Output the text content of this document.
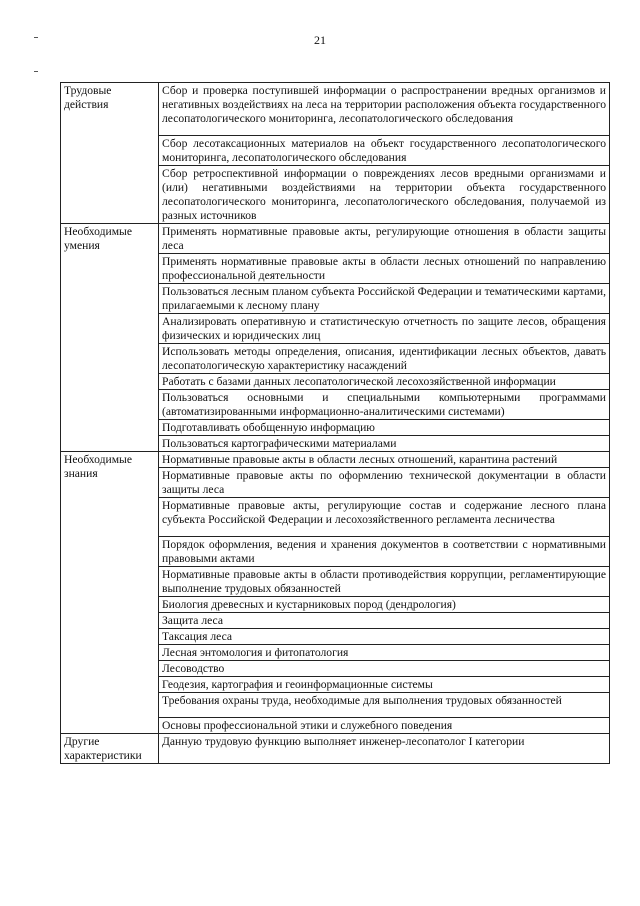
21
Трудовые действия	Сбор и проверка поступившей информации о распространении вредных организмов и негативных воздействиях на леса на территории расположения объекта государственного лесопатологического мониторинга, лесопатологического обследования
	Сбор лесотаксационных материалов на объект государственного лесопатологического мониторинга, лесопатологического обследования
	Сбор ретроспективной информации о повреждениях лесов вредными организмами и (или) негативными воздействиями на территории объекта государственного лесопатологического мониторинга, лесопатологического обследования, получаемой из разных источников
Необходимые умения	Применять нормативные правовые акты, регулирующие отношения в области защиты леса
	Применять нормативные правовые акты в области лесных отношений по направлению профессиональной деятельности
	Пользоваться лесным планом субъекта Российской Федерации и тематическими картами, прилагаемыми к лесному плану
	Анализировать оперативную и статистическую отчетность по защите лесов, обращения физических и юридических лиц
	Использовать методы определения, описания, идентификации лесных объектов, давать лесопатологическую характеристику насаждений
	Работать с базами данных лесопатологической лесохозяйственной информации
	Пользоваться основными и специальными компьютерными программами (автоматизированными информационно-аналитическими системами)
	Подготавливать обобщенную информацию
	Пользоваться картографическими материалами
Необходимые знания	Нормативные правовые акты в области лесных отношений, карантина растений
	Нормативные правовые акты по оформлению технической документации в области защиты леса
	Нормативные правовые акты, регулирующие состав и содержание лесного плана субъекта Российской Федерации и лесохозяйственного регламента лесничества
	Порядок оформления, ведения и хранения документов в соответствии с нормативными правовыми актами
	Нормативные правовые акты в области противодействия коррупции, регламентирующие выполнение трудовых обязанностей
	Биология древесных и кустарниковых пород (дендрология)
	Защита леса
	Таксация леса
	Лесная энтомология и фитопатология
	Лесоводство
	Геодезия, картография и геоинформационные системы
	Требования охраны труда, необходимые для выполнения трудовых обязанностей
	Основы профессиональной этики и служебного поведения
Другие характеристики	Данную трудовую функцию выполняет инженер-лесопатолог I категории
